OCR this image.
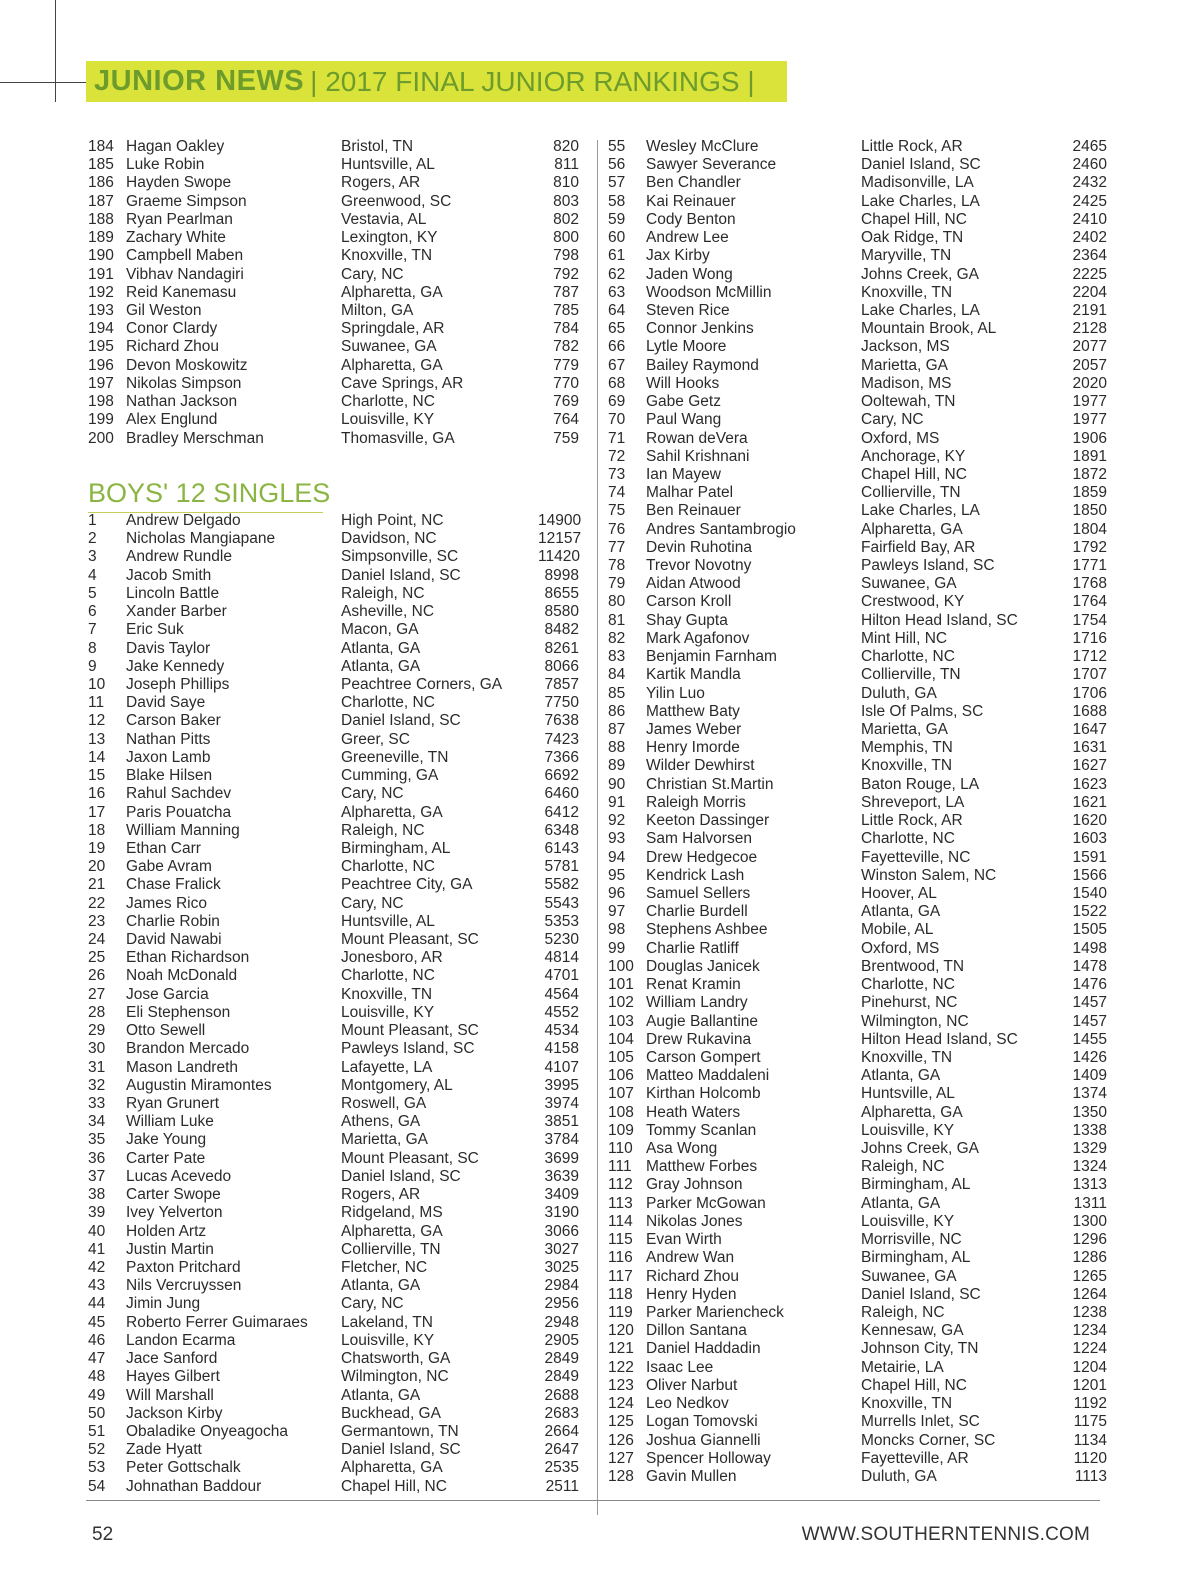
JUNIOR NEWS | 2017 FINAL JUNIOR RANKINGS |
184 Hagan Oakley	Bristol, TN	820
185 Luke Robin	Huntsville, AL	811
186 Hayden Swope	Rogers, AR	810
187 Graeme Simpson	Greenwood, SC	803
188 Ryan Pearlman	Vestavia, AL	802
189 Zachary White	Lexington, KY	800
190 Campbell Maben	Knoxville, TN	798
191 Vibhav Nandagiri	Cary, NC	792
192 Reid Kanemasu	Alpharetta, GA	787
193 Gil Weston	Milton, GA	785
194 Conor Clardy	Springdale, AR	784
195 Richard Zhou	Suwanee, GA	782
196 Devon Moskowitz	Alpharetta, GA	779
197 Nikolas Simpson	Cave Springs, AR	770
198 Nathan Jackson	Charlotte, NC	769
199 Alex Englund	Louisville, KY	764
200 Bradley Merschman	Thomasville, GA	759
BOYS' 12 SINGLES
1	Andrew Delgado	High Point, NC	14900
2	Nicholas Mangiapane	Davidson, NC	12157
3	Andrew Rundle	Simpsonville, SC	11420
4	Jacob Smith	Daniel Island, SC	8998
5	Lincoln Battle	Raleigh, NC	8655
6	Xander Barber	Asheville, NC	8580
7	Eric Suk	Macon, GA	8482
8	Davis Taylor	Atlanta, GA	8261
9	Jake Kennedy	Atlanta, GA	8066
10	Joseph Phillips	Peachtree Corners, GA	7857
11	David Saye	Charlotte, NC	7750
12	Carson Baker	Daniel Island, SC	7638
13	Nathan Pitts	Greer, SC	7423
14	Jaxon Lamb	Greeneville, TN	7366
15	Blake Hilsen	Cumming, GA	6692
16	Rahul Sachdev	Cary, NC	6460
17	Paris Pouatcha	Alpharetta, GA	6412
18	William Manning	Raleigh, NC	6348
19	Ethan Carr	Birmingham, AL	6143
20	Gabe Avram	Charlotte, NC	5781
21	Chase Fralick	Peachtree City, GA	5582
22	James Rico	Cary, NC	5543
23	Charlie Robin	Huntsville, AL	5353
24	David Nawabi	Mount Pleasant, SC	5230
25	Ethan Richardson	Jonesboro, AR	4814
26	Noah McDonald	Charlotte, NC	4701
27	Jose Garcia	Knoxville, TN	4564
28	Eli Stephenson	Louisville, KY	4552
29	Otto Sewell	Mount Pleasant, SC	4534
30	Brandon Mercado	Pawleys Island, SC	4158
31	Mason Landreth	Lafayette, LA	4107
32	Augustin Miramontes	Montgomery, AL	3995
33	Ryan Grunert	Roswell, GA	3974
34	William Luke	Athens, GA	3851
35	Jake Young	Marietta, GA	3784
36	Carter Pate	Mount Pleasant, SC	3699
37	Lucas Acevedo	Daniel Island, SC	3639
38	Carter Swope	Rogers, AR	3409
39	Ivey Yelverton	Ridgeland, MS	3190
40	Holden Artz	Alpharetta, GA	3066
41	Justin Martin	Collierville, TN	3027
42	Paxton Pritchard	Fletcher, NC	3025
43	Nils Vercruyssen	Atlanta, GA	2984
44	Jimin Jung	Cary, NC	2956
45	Roberto Ferrer Guimaraes	Lakeland, TN	2948
46	Landon Ecarma	Louisville, KY	2905
47	Jace Sanford	Chatsworth, GA	2849
48	Hayes Gilbert	Wilmington, NC	2849
49	Will Marshall	Atlanta, GA	2688
50	Jackson Kirby	Buckhead, GA	2683
51	Obaladike Onyeagocha	Germantown, TN	2664
52	Zade Hyatt	Daniel Island, SC	2647
53	Peter Gottschalk	Alpharetta, GA	2535
54	Johnathan Baddour	Chapel Hill, NC	2511
55	Wesley McClure	Little Rock, AR	2465
56	Sawyer Severance	Daniel Island, SC	2460
57	Ben Chandler	Madisonville, LA	2432
58	Kai Reinauer	Lake Charles, LA	2425
59	Cody Benton	Chapel Hill, NC	2410
60	Andrew Lee	Oak Ridge, TN	2402
61	Jax Kirby	Maryville, TN	2364
62	Jaden Wong	Johns Creek, GA	2225
63	Woodson McMillin	Knoxville, TN	2204
64	Steven Rice	Lake Charles, LA	2191
65	Connor Jenkins	Mountain Brook, AL	2128
66	Lytle Moore	Jackson, MS	2077
67	Bailey Raymond	Marietta, GA	2057
68	Will Hooks	Madison, MS	2020
69	Gabe Getz	Ooltewah, TN	1977
70	Paul Wang	Cary, NC	1977
71	Rowan deVera	Oxford, MS	1906
72	Sahil Krishnani	Anchorage, KY	1891
73	Ian Mayew	Chapel Hill, NC	1872
74	Malhar Patel	Collierville, TN	1859
75	Ben Reinauer	Lake Charles, LA	1850
76	Andres Santambrogio	Alpharetta, GA	1804
77	Devin Ruhotina	Fairfield Bay, AR	1792
78	Trevor Novotny	Pawleys Island, SC	1771
79	Aidan Atwood	Suwanee, GA	1768
80	Carson Kroll	Crestwood, KY	1764
81	Shay Gupta	Hilton Head Island, SC	1754
82	Mark Agafonov	Mint Hill, NC	1716
83	Benjamin Farnham	Charlotte, NC	1712
84	Kartik Mandla	Collierville, TN	1707
85	Yilin Luo	Duluth, GA	1706
86	Matthew Baty	Isle Of Palms, SC	1688
87	James Weber	Marietta, GA	1647
88	Henry Imorde	Memphis, TN	1631
89	Wilder Dewhirst	Knoxville, TN	1627
90	Christian St.Martin	Baton Rouge, LA	1623
91	Raleigh Morris	Shreveport, LA	1621
92	Keeton Dassinger	Little Rock, AR	1620
93	Sam Halvorsen	Charlotte, NC	1603
94	Drew Hedgecoe	Fayetteville, NC	1591
95	Kendrick Lash	Winston Salem, NC	1566
96	Samuel Sellers	Hoover, AL	1540
97	Charlie Burdell	Atlanta, GA	1522
98	Stephens Ashbee	Mobile, AL	1505
99	Charlie Ratliff	Oxford, MS	1498
100 Douglas Janicek	Brentwood, TN	1478
101 Renat Kramin	Charlotte, NC	1476
102 William Landry	Pinehurst, NC	1457
103 Augie Ballantine	Wilmington, NC	1457
104 Drew Rukavina	Hilton Head Island, SC	1455
105 Carson Gompert	Knoxville, TN	1426
106 Matteo Maddaleni	Atlanta, GA	1409
107 Kirthan Holcomb	Huntsville, AL	1374
108 Heath Waters	Alpharetta, GA	1350
109 Tommy Scanlan	Louisville, KY	1338
110 Asa Wong	Johns Creek, GA	1329
111 Matthew Forbes	Raleigh, NC	1324
112 Gray Johnson	Birmingham, AL	1313
113 Parker McGowan	Atlanta, GA	1311
114 Nikolas Jones	Louisville, KY	1300
115 Evan Wirth	Morrisville, NC	1296
116 Andrew Wan	Birmingham, AL	1286
117 Richard Zhou	Suwanee, GA	1265
118 Henry Hyden	Daniel Island, SC	1264
119 Parker Mariencheck	Raleigh, NC	1238
120 Dillon Santana	Kennesaw, GA	1234
121 Daniel Haddadin	Johnson City, TN	1224
122 Isaac Lee	Metairie, LA	1204
123 Oliver Narbut	Chapel Hill, NC	1201
124 Leo Nedkov	Knoxville, TN	1192
125 Logan Tomovski	Murrells Inlet, SC	1175
126 Joshua Giannelli	Moncks Corner, SC	1134
127 Spencer Holloway	Fayetteville, AR	1120
128 Gavin Mullen	Duluth, GA	1113
52	WWW.SOUTHERNTENNIS.COM
